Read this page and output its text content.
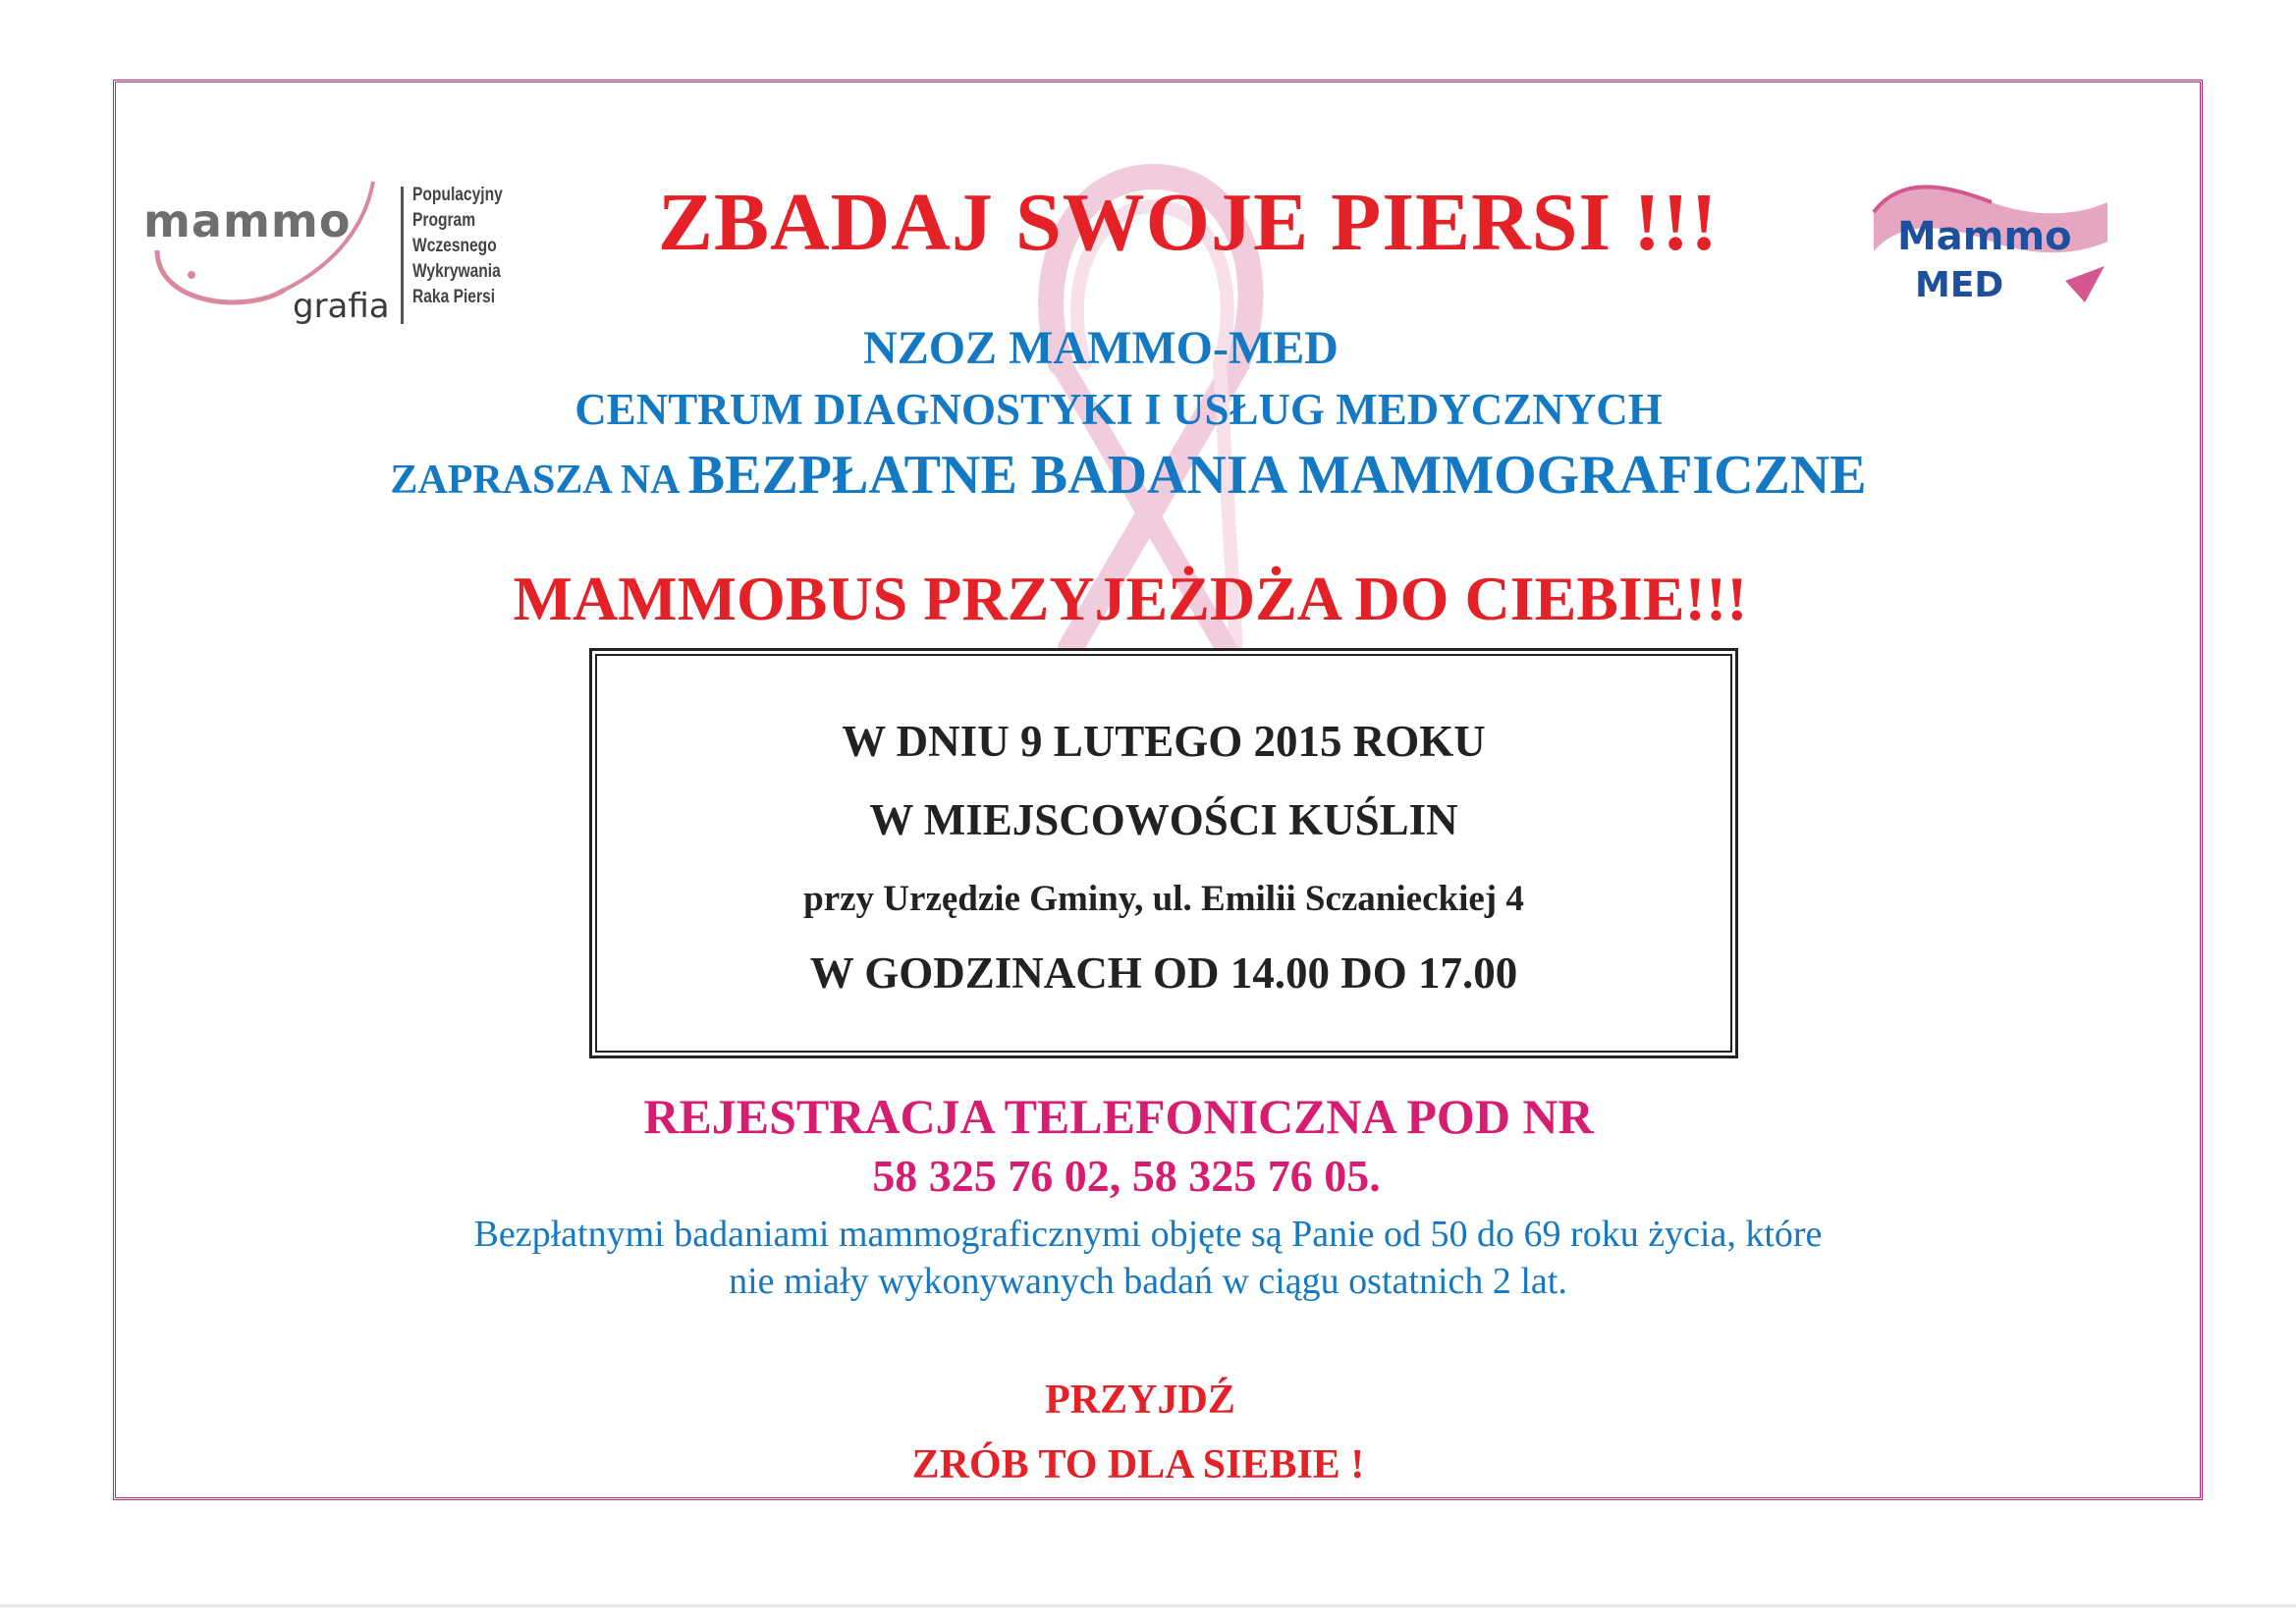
mammo
grafia
Populacyjny
Program
Wczesnego
Wykrywania
Raka Piersi
Mammo
MED
ZBADAJ SWOJE PIERSI !!!
NZOZ MAMMO-MED
CENTRUM DIAGNOSTYKI I USŁUG MEDYCZNYCH
ZAPRASZA NA BEZPŁATNE BADANIA MAMMOGRAFICZNE
MAMMOBUS PRZYJEŻDŻA DO CIEBIE!!!
W DNIU 9 LUTEGO 2015 ROKU
W MIEJSCOWOŚCI KUŚLIN
przy Urzędzie Gminy, ul. Emilii Sczanieckiej 4
W GODZINACH OD 14.00 DO 17.00
REJESTRACJA TELEFONICZNA POD NR
58 325 76 02, 58 325 76 05.
Bezpłatnymi badaniami mammograficznymi objęte są Panie od 50 do 69 roku życia, które
nie miały wykonywanych badań w ciągu ostatnich 2 lat.
PRZYJDŹ
ZRÓB TO DLA SIEBIE !
